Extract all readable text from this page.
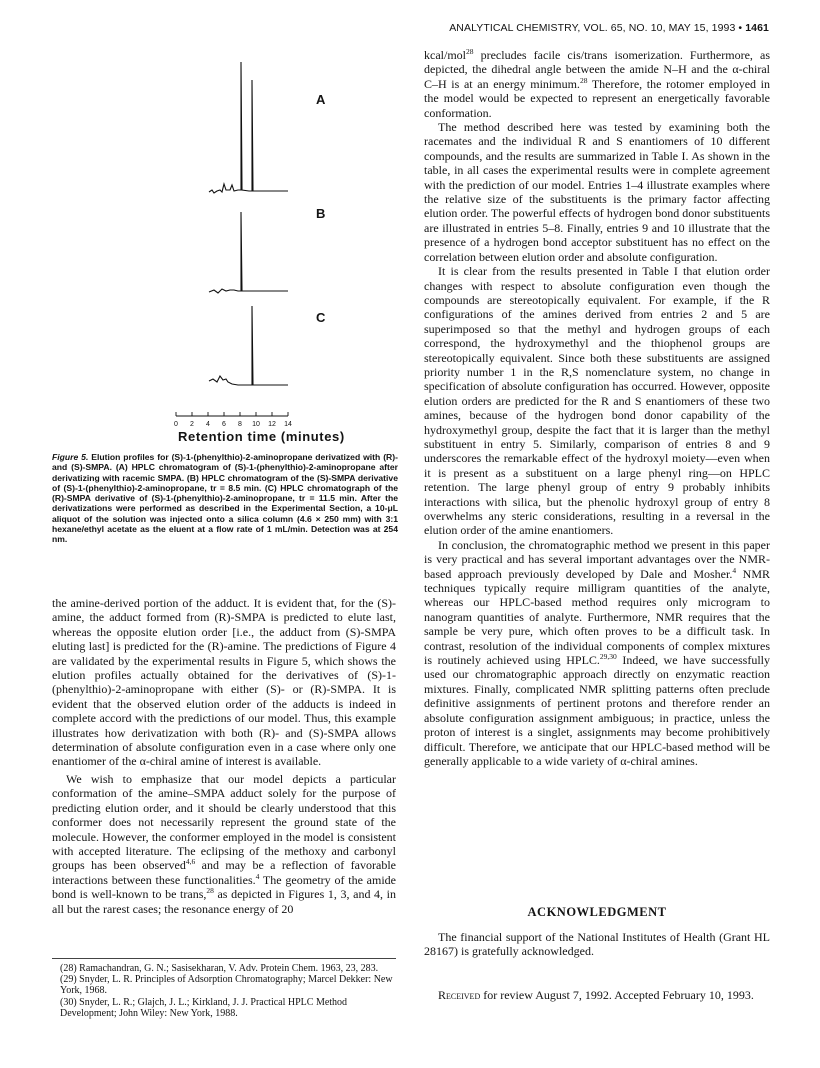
ANALYTICAL CHEMISTRY, VOL. 65, NO. 10, MAY 15, 1993 • 1461
0 2 4 6 8 10 12 14
A
B
C
Retention time (minutes)
Figure 5. Elution profiles for (S)-1-(phenylthio)-2-aminopropane derivatized with (R)- and (S)-SMPA. (A) HPLC chromatogram of (S)-1-(phenylthio)-2-aminopropane after derivatizing with racemic SMPA. (B) HPLC chromatogram of the (S)-SMPA derivative of (S)-1-(phenylthio)-2-aminopropane, tr = 8.5 min. (C) HPLC chromatograph of the (R)-SMPA derivative of (S)-1-(phenylthio)-2-aminopropane, tr = 11.5 min. After the derivatizations were performed as described in the Experimental Section, a 10-μL aliquot of the solution was injected onto a silica column (4.6 × 250 mm) with 3:1 hexane/ethyl acetate as the eluent at a flow rate of 1 mL/min. Detection was at 254 nm.

the amine-derived portion of the adduct. It is evident that, for the (S)-amine, the adduct formed from (R)-SMPA is predicted to elute last, whereas the opposite elution order [i.e., the adduct from (S)-SMPA eluting last] is predicted for the (R)-amine. The predictions of Figure 4 are validated by the experimental results in Figure 5, which shows the elution profiles actually obtained for the derivatives of (S)-1-(phenylthio)-2-aminopropane with either (S)- or (R)-SMPA. It is evident that the observed elution order of the adducts is indeed in complete accord with the predictions of our model. Thus, this example illustrates how derivatization with both (R)- and (S)-SMPA allows determination of absolute configuration even in a case where only one enantiomer of the α-chiral amine of interest is available.

We wish to emphasize that our model depicts a particular conformation of the amine–SMPA adduct solely for the purpose of predicting elution order, and it should be clearly understood that this conformer does not necessarily represent the ground state of the molecule. However, the conformer employed in the model is consistent with accepted literature. The eclipsing of the methoxy and carbonyl groups has been observed$^{4,6}$ and may be a reflection of favorable interactions between these functionalities.$^4$ The geometry of the amide bond is well-known to be trans,$^{28}$ as depicted in Figures 1, 3, and 4, in all but the rarest cases; the resonance energy of 20

(28) Ramachandran, G. N.; Sasisekharan, V. Adv. Protein Chem. 1963, 23, 283.

(29) Snyder, L. R. Principles of Adsorption Chromatography; Marcel Dekker: New York, 1968.

(30) Snyder, L. R.; Glajch, J. L.; Kirkland, J. J. Practical HPLC Method Development; John Wiley: New York, 1988.

kcal/mol$^{28}$ precludes facile cis/trans isomerization. Furthermore, as depicted, the dihedral angle between the amide N–H and the α-chiral C–H is at an energy minimum.$^{28}$ Therefore, the rotomer employed in the model would be expected to represent an energetically favorable conformation.

The method described here was tested by examining both the racemates and the individual R and S enantiomers of 10 different compounds, and the results are summarized in Table I. As shown in the table, in all cases the experimental results were in complete agreement with the prediction of our model. Entries 1–4 illustrate examples where the relative size of the substituents is the primary factor affecting elution order. The powerful effects of hydrogen bond donor substituents are illustrated in entries 5–8. Finally, entries 9 and 10 illustrate that the presence of a hydrogen bond acceptor substituent has no effect on the correlation between elution order and absolute configuration.

It is clear from the results presented in Table I that elution order changes with respect to absolute configuration even though the compounds are stereotopically equivalent. For example, if the R configurations of the amines derived from entries 2 and 5 are superimposed so that the methyl and hydrogen groups of each correspond, the hydroxymethyl and the thiophenol groups are stereotopically equivalent. Since both these substituents are assigned priority number 1 in the R,S nomenclature system, no change in specification of absolute configuration has occurred. However, opposite elution orders are predicted for the R and S enantiomers of these two amines, because of the hydrogen bond donor capability of the hydroxymethyl group, despite the fact that it is larger than the methyl substituent in entry 5. Similarly, comparison of entries 8 and 9 underscores the remarkable effect of the hydroxyl moiety—even when it is present as a substituent on a large phenyl ring—on HPLC retention. The large phenyl group of entry 9 probably inhibits interactions with silica, but the phenolic hydroxyl group of entry 8 overwhelms any steric considerations, resulting in a reversal in the elution order of the amine enantiomers.

In conclusion, the chromatographic method we present in this paper is very practical and has several important advantages over the NMR-based approach previously developed by Dale and Mosher.$^4$ NMR techniques typically require milligram quantities of the analyte, whereas our HPLC-based method requires only microgram to nanogram quantities of analyte. Furthermore, NMR requires that the sample be very pure, which often proves to be a difficult task. In contrast, resolution of the individual components of complex mixtures is routinely achieved using HPLC.$^{29,30}$ Indeed, we have successfully used our chromatographic approach directly on enzymatic reaction mixtures. Finally, complicated NMR splitting patterns often preclude definitive assignments of pertinent protons and therefore render an absolute configuration assignment ambiguous; in practice, unless the proton of interest is a singlet, assignments may become prohibitively difficult. Therefore, we anticipate that our HPLC-based method will be generally applicable to a wide variety of α-chiral amines.

ACKNOWLEDGMENT

The financial support of the National Institutes of Health (Grant HL 28167) is gratefully acknowledged.

Received for review August 7, 1992. Accepted February 10, 1993.
